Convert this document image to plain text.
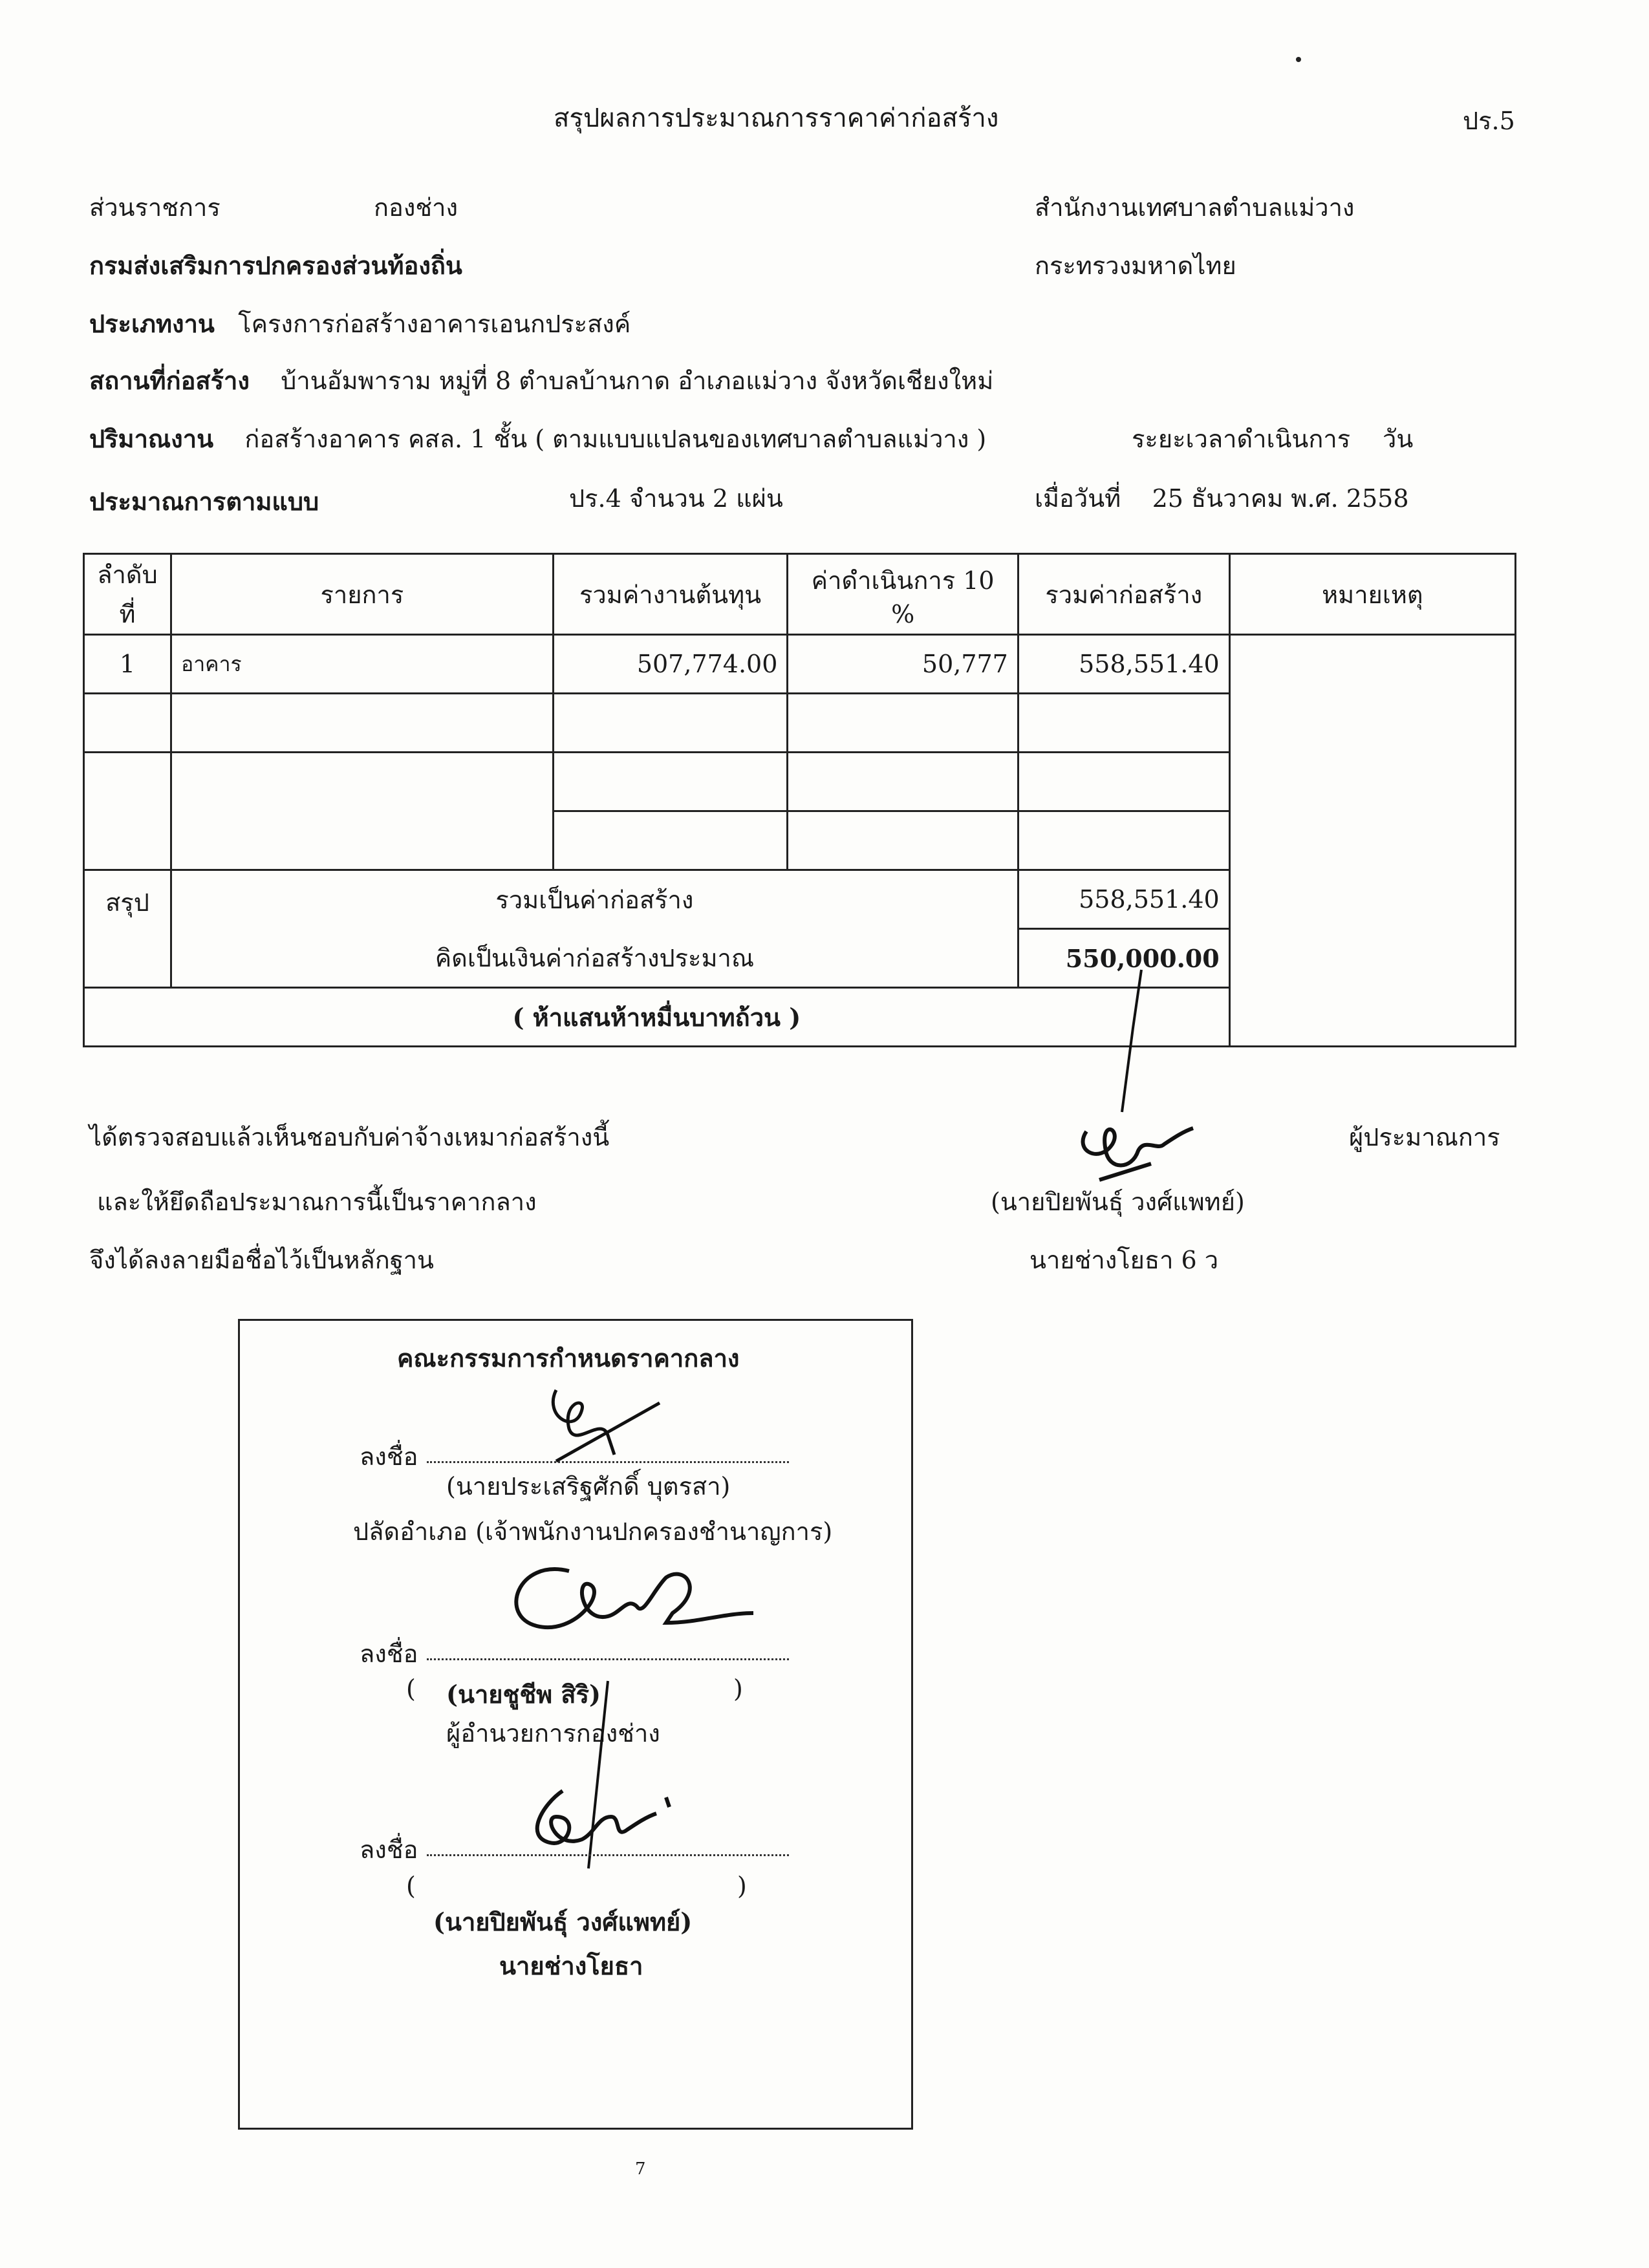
สรุปผลการประมาณการราคาค่าก่อสร้าง	ปร.5
ส่วนราชการ	กองช่าง	สำนักงานเทศบาลตำบลแม่วาง
กรมส่งเสริมการปกครองส่วนท้องถิ่น	กระทรวงมหาดไทย
ประเภทงาน โครงการก่อสร้างอาคารเอนกประสงค์
สถานที่ก่อสร้าง บ้านอัมพาราม หมู่ที่ 8 ตำบลบ้านกาด อำเภอแม่วาง จังหวัดเชียงใหม่
ปริมาณงาน ก่อสร้างอาคาร คสล. 1 ชั้น ( ตามแบบแปลนของเทศบาลตำบลแม่วาง )	ระยะเวลาดำเนินการ วัน
ประมาณการตามแบบ	ปร.4 จำนวน 2 แผ่น	เมื่อวันที่ 25 ธันวาคม พ.ศ. 2558
ลำดับที่	รายการ	รวมค่างานต้นทุน	ค่าดำเนินการ 10 %	รวมค่าก่อสร้าง	หมายเหตุ
1	อาคาร	507,774.00	50,777	558,551.40	

สรุป	รวมเป็นค่าก่อสร้าง			558,551.40	
	คิดเป็นเงินค่าก่อสร้างประมาณ			550,000.00	
( ห้าแสนห้าหมื่นบาทถ้วน )					
ได้ตรวจสอบแล้วเห็นชอบกับค่าจ้างเหมาก่อสร้างนี้
และให้ยึดถือประมาณการนี้เป็นราคากลาง
จึงได้ลงลายมือชื่อไว้เป็นหลักฐาน
ผู้ประมาณการ
(นายปิยพันธุ์ วงศ์แพทย์)
นายช่างโยธา 6 ว
คณะกรรมการกำหนดราคากลาง
ลงชื่อ
(นายประเสริฐศักดิ์ บุตรสา)
ปลัดอำเภอ (เจ้าพนักงานปกครองชำนาญการ)
ลงชื่อ
( (นายชูชีพ สิริ)	)
ผู้อำนวยการกองช่าง
ลงชื่อ
(	)
(นายปิยพันธุ์ วงศ์แพทย์)
นายช่างโยธา
7
